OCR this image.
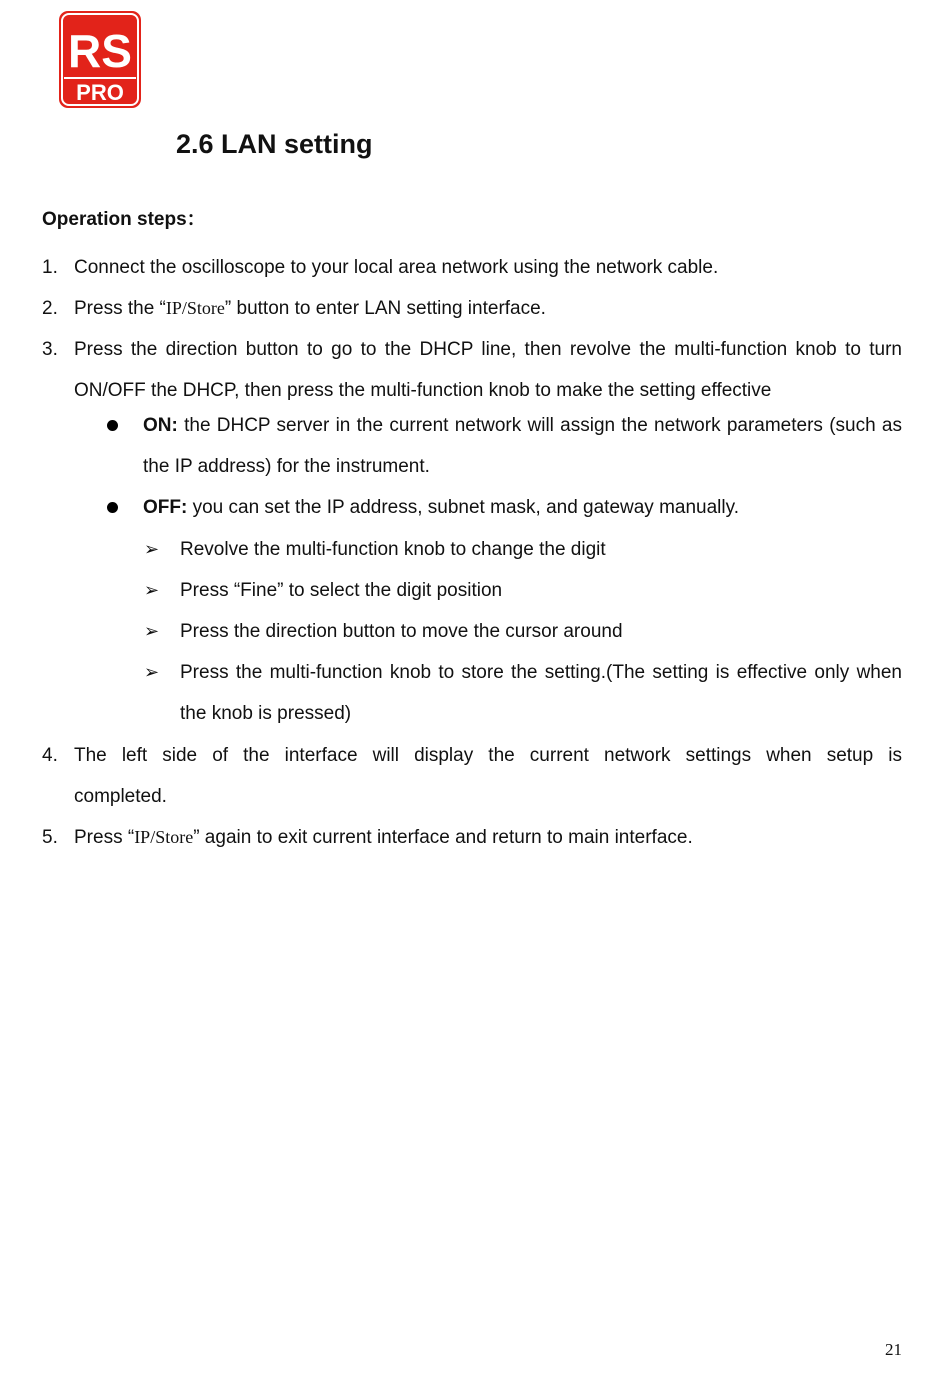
RS
PRO
2.6 LAN setting
Operation steps：
1. Connect the oscilloscope to your local area network using the network cable.
2. Press the “IP/Store” button to enter LAN setting interface.
3. Press the direction button to go to the DHCP line, then revolve the multi-function knob to turn ON/OFF the DHCP, then press the multi-function knob to make the setting effective
ON: the DHCP server in the current network will assign the network parameters (such as the IP address) for the instrument.
OFF: you can set the IP address, subnet mask, and gateway manually.
➢ Revolve the multi-function knob to change the digit
➢ Press “Fine” to select the digit position
➢ Press the direction button to move the cursor around
➢ Press the multi-function knob to store the setting.(The setting is effective only when the knob is pressed)
4. The left side of the interface will display the current network settings when setup is completed.
5. Press “IP/Store” again to exit current interface and return to main interface.
21
